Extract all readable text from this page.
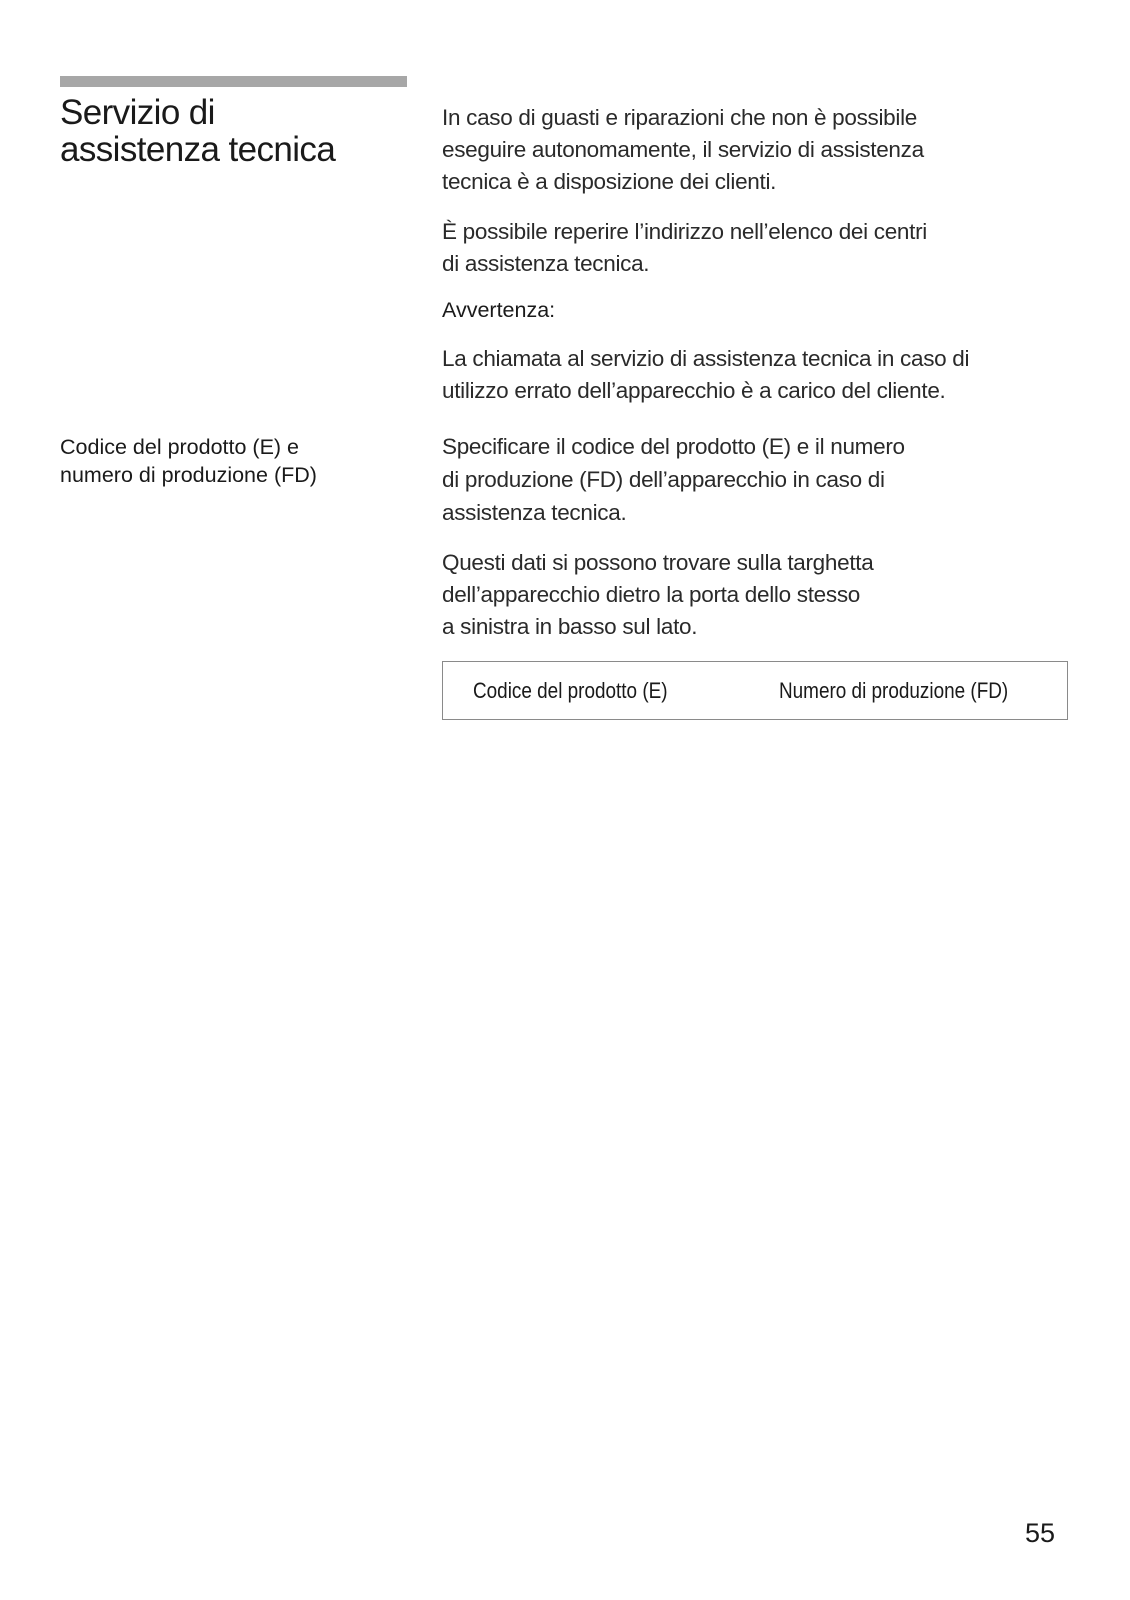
Servizio di
assistenza tecnica

In caso di guasti e riparazioni che non è possibile
eseguire autonomamente, il servizio di assistenza
tecnica è a disposizione dei clienti.

È possibile reperire l’indirizzo nell’elenco dei centri
di assistenza tecnica.

Avvertenza:

La chiamata al servizio di assistenza tecnica in caso di
utilizzo errato dell’apparecchio è a carico del cliente.

Codice del prodotto (E) e
numero di produzione (FD)

Specificare il codice del prodotto (E) e il numero
di produzione (FD) dell’apparecchio in caso di
assistenza tecnica.

Questi dati si possono trovare sulla targhetta
dell’apparecchio dietro la porta dello stesso
a sinistra in basso sul lato.

Codice del prodotto (E)	Numero di produzione (FD)
55
